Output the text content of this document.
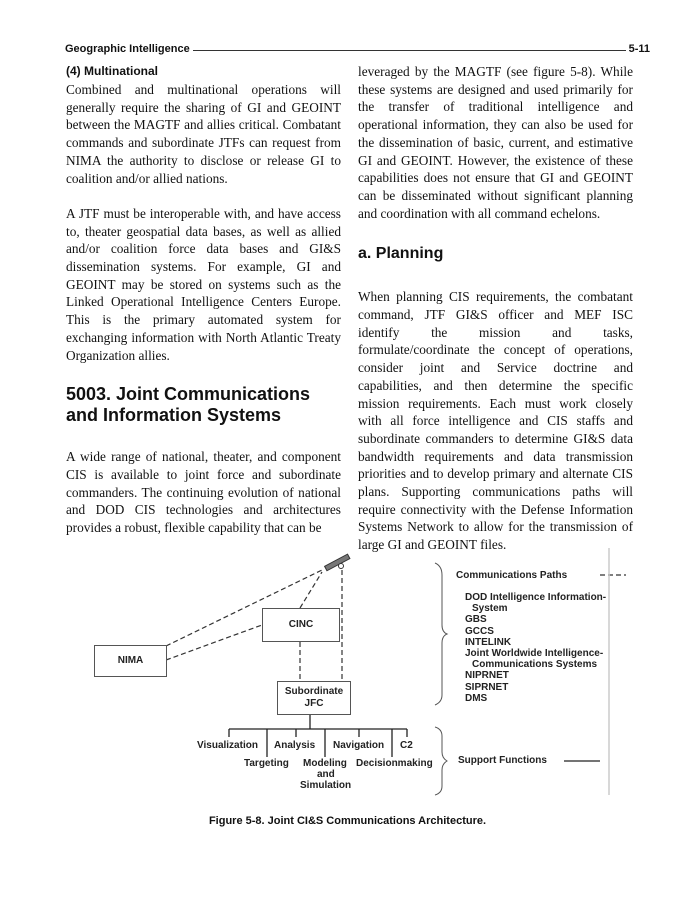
Geographic Intelligence	5-11
(4) Multinational

Combined and multinational operations will generally require the sharing of GI and GEOINT between the MAGTF and allies critical. Combatant commands and subordinate JTFs can request from NIMA the authority to disclose or release GI to coalition and/or allied nations.

A JTF must be interoperable with, and have access to, theater geospatial data bases, as well as allied and/or coalition force data bases and GI&S dissemination systems. For example, GI and GEOINT may be stored on systems such as the Linked Operational Intelligence Centers Europe. This is the primary automated system for exchanging information with North Atlantic Treaty Organization allies.

5003. Joint Communications and Information Systems

A wide range of national, theater, and component CIS is available to joint force and subordinate commanders. The continuing evolution of national and DOD CIS technologies and architectures provides a robust, flexible capability that can be

leveraged by the MAGTF (see figure 5-8). While these systems are designed and used primarily for the transfer of traditional intelligence and operational information, they can also be used for the dissemination of basic, current, and estimative GI and GEOINT. However, the existence of these capabilities does not ensure that GI and GEOINT can be disseminated without significant planning and coordination with all command echelons.

a. Planning

When planning CIS requirements, the combatant command, JTF GI&S officer and MEF ISC identify the mission and tasks, formulate/coordinate the concept of operations, consider joint and Service doctrine and capabilities, and then determine the specific mission requirements. Each must work closely with all force intelligence and CIS staffs and subordinate commanders to determine GI&S data bandwidth requirements and data transmission priorities and to develop primary and alternate CIS plans. Supporting communications paths will require connectivity with the Defense Information Systems Network to allow for the transmission of large GI and GEOINT files.

NIMA
CINC
Subordinate
JFC
Visualization Analysis Navigation C2
Targeting Modeling
and
Simulation
Decisionmaking
Communications Paths
DOD Intelligence Information-
System
GBS
GCCS
INTELINK
Joint Worldwide Intelligence-
Communications Systems
NIPRNET
SIPRNET
DMS
Support Functions
Figure 5-8. Joint CI&S Communications Architecture.
